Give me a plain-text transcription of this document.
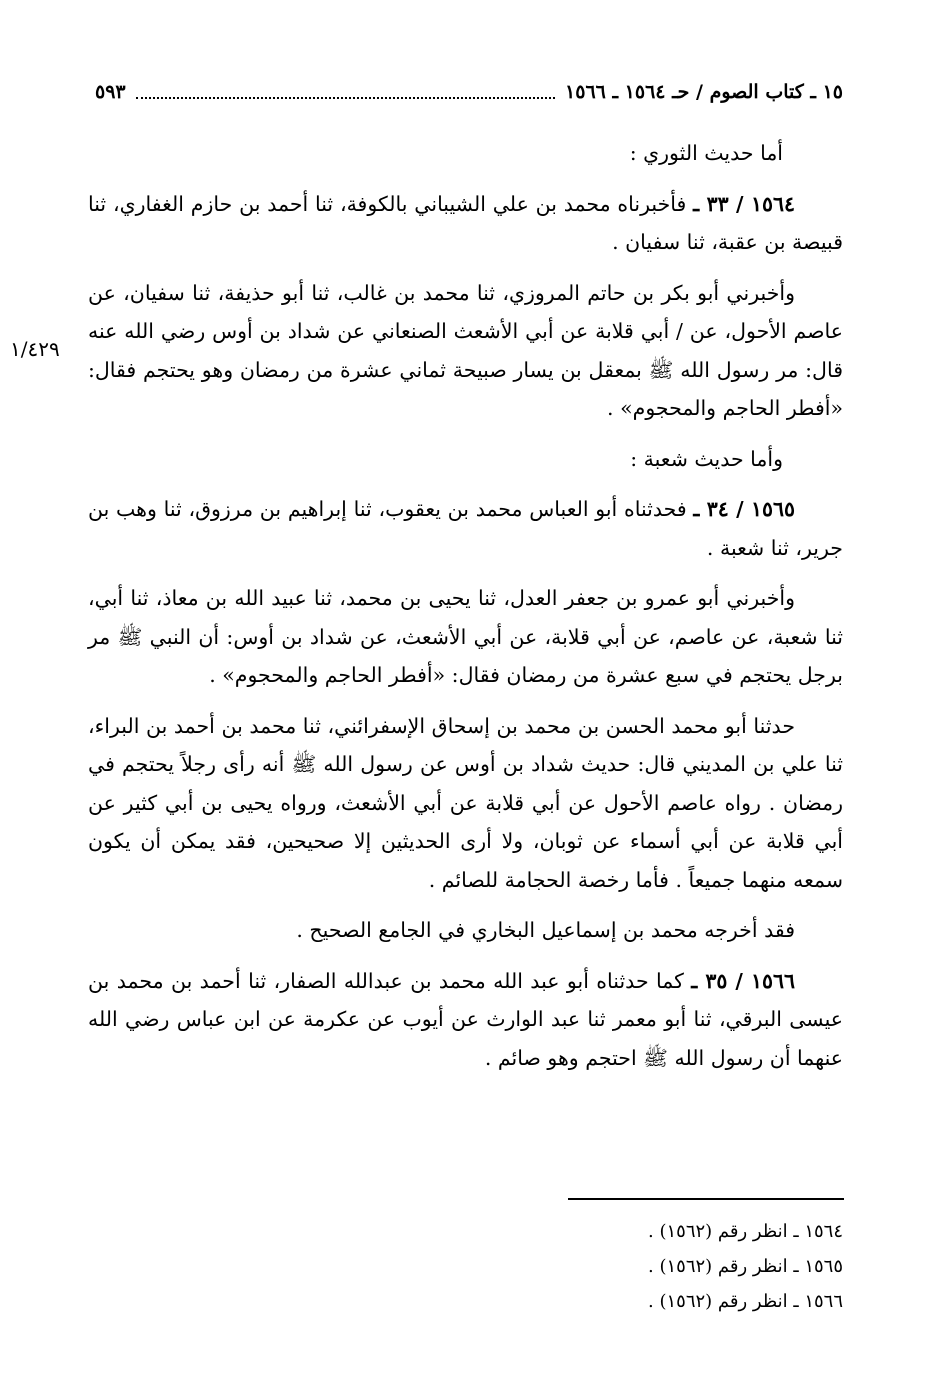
١٥ ـ كتاب الصوم / حـ ١٥٦٤ ـ ١٥٦٦
٥٩٣
١/٤٢٩

أما حديث الثوري :

١٥٦٤ / ٣٣ ـ فأخبرناه محمد بن علي الشيباني بالكوفة، ثنا أحمد بن حازم الغفاري، ثنا قبيصة بن عقبة، ثنا سفيان .

وأخبرني أبو بكر بن حاتم المروزي، ثنا محمد بن غالب، ثنا أبو حذيفة، ثنا سفيان، عن عاصم الأحول، عن / أبي قلابة عن أبي الأشعث الصنعاني عن شداد بن أوس رضي الله عنه قال: مر رسول الله ﷺ بمعقل بن يسار صبيحة ثماني عشرة من رمضان وهو يحتجم فقال: «أفطر الحاجم والمحجوم» .

وأما حديث شعبة :

١٥٦٥ / ٣٤ ـ فحدثناه أبو العباس محمد بن يعقوب، ثنا إبراهيم بن مرزوق، ثنا وهب بن جرير، ثنا شعبة .

وأخبرني أبو عمرو بن جعفر العدل، ثنا يحيى بن محمد، ثنا عبيد الله بن معاذ، ثنا أبي، ثنا شعبة، عن عاصم، عن أبي قلابة، عن أبي الأشعث، عن شداد بن أوس: أن النبي ﷺ مر برجل يحتجم في سبع عشرة من رمضان فقال: «أفطر الحاجم والمحجوم» .

حدثنا أبو محمد الحسن بن محمد بن إسحاق الإسفرائني، ثنا محمد بن أحمد بن البراء، ثنا علي بن المديني قال: حديث شداد بن أوس عن رسول الله ﷺ أنه رأى رجلاً يحتجم في رمضان . رواه عاصم الأحول عن أبي قلابة عن أبي الأشعث، ورواه يحيى بن أبي كثير عن أبي قلابة عن أبي أسماء عن ثوبان، ولا أرى الحديثين إلا صحيحين، فقد يمكن أن يكون سمعه منهما جميعاً . فأما رخصة الحجامة للصائم .

فقد أخرجه محمد بن إسماعيل البخاري في الجامع الصحيح .

١٥٦٦ / ٣٥ ـ كما حدثناه أبو عبد الله محمد بن عبدالله الصفار، ثنا أحمد بن محمد بن عيسى البرقي، ثنا أبو معمر ثنا عبد الوارث عن أيوب عن عكرمة عن ابن عباس رضي الله عنهما أن رسول الله ﷺ احتجم وهو صائم .

١٥٦٤ ـ انظر رقم (١٥٦٢) .
١٥٦٥ ـ انظر رقم (١٥٦٢) .
١٥٦٦ ـ انظر رقم (١٥٦٢) .
